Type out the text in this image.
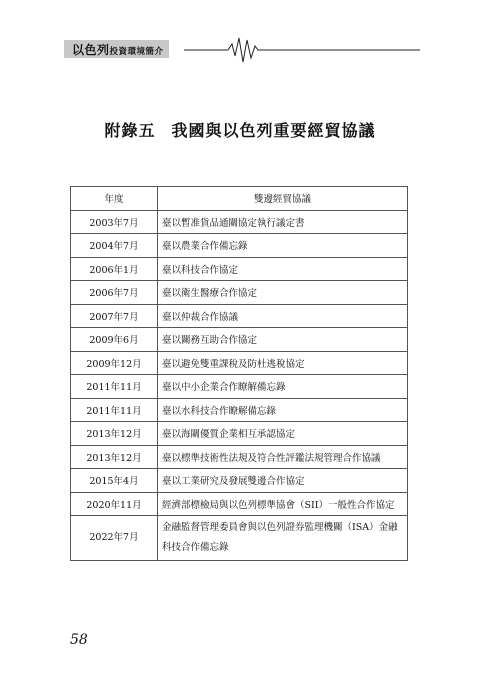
以色列投資環境簡介
附錄五 我國與以色列重要經貿協議
年度	雙邊經貿協議
2003年7月	臺以暫准貨品通關協定執行議定書
2004年7月	臺以農業合作備忘錄
2006年1月	臺以科技合作協定
2006年7月	臺以衛生醫療合作協定
2007年7月	臺以仲裁合作協議
2009年6月	臺以關務互助合作協定
2009年12月	臺以避免雙重課稅及防杜逃稅協定
2011年11月	臺以中小企業合作瞭解備忘錄
2011年11月	臺以水科技合作瞭解備忘錄
2013年12月	臺以海關優質企業相互承認協定
2013年12月	臺以標準技術性法規及符合性評鑑法規管理合作協議
2015年4月	臺以工業研究及發展雙邊合作協定
2020年11月	經濟部標檢局與以色列標準協會（SII）一般性合作協定
2022年7月	金融監督管理委員會與以色列證券監理機關（ISA）金融科技合作備忘錄
58
